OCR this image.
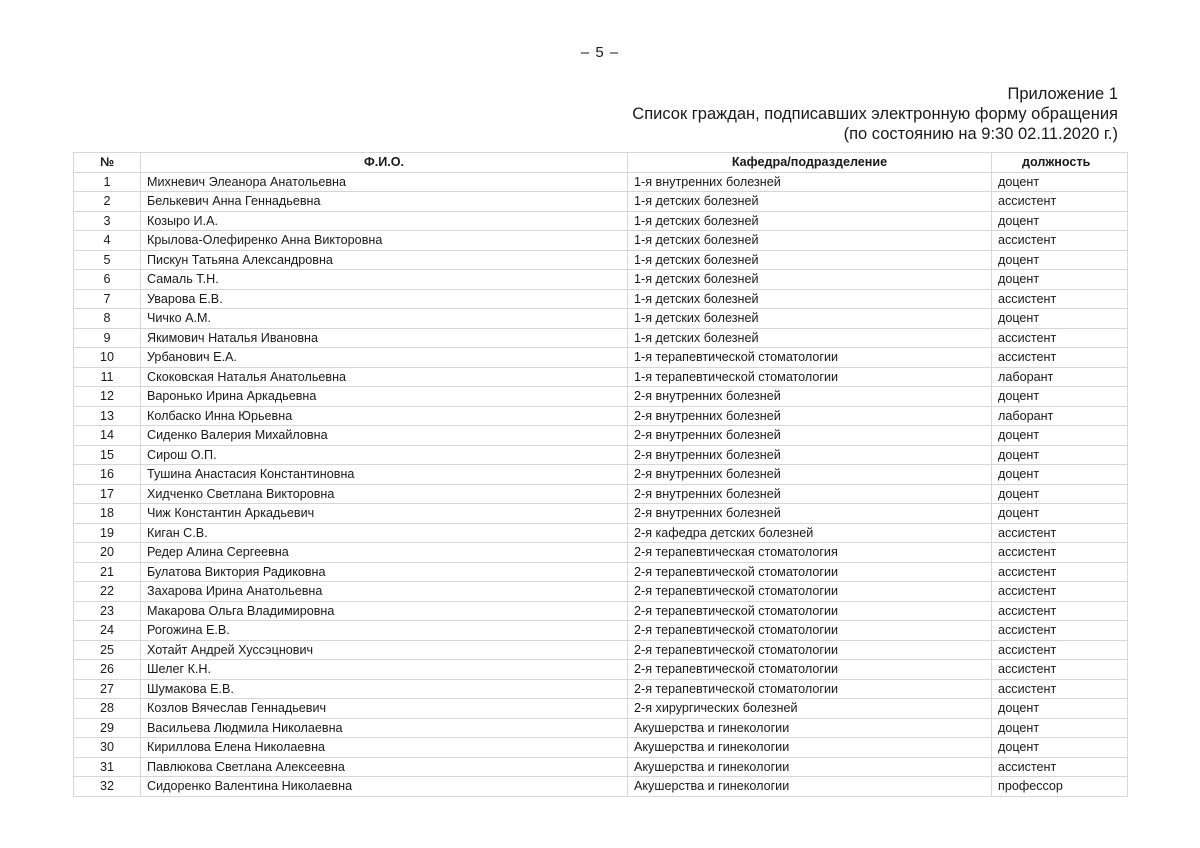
– 5 –
Приложение 1
Список граждан, подписавших электронную форму обращения
(по состоянию на 9:30 02.11.2020 г.)
№	Ф.И.О.	Кафедра/подразделение	должность
1	Михневич Элеанора Анатольевна	1-я внутренних болезней	доцент
2	Белькевич Анна Геннадьевна	1-я детских болезней	ассистент
3	Козыро И.А.	1-я детских болезней	доцент
4	Крылова-Олефиренко Анна Викторовна	1-я детских болезней	ассистент
5	Пискун Татьяна Александровна	1-я детских болезней	доцент
6	Самаль Т.Н.	1-я детских болезней	доцент
7	Уварова Е.В.	1-я детских болезней	ассистент
8	Чичко А.М.	1-я детских болезней	доцент
9	Якимович Наталья Ивановна	1-я детских болезней	ассистент
10	Урбанович Е.А.	1-я терапевтической стоматологии	ассистент
11	Скоковская Наталья Анатольевна	1-я терапевтической стоматологии	лаборант
12	Варонько Ирина Аркадьевна	2-я внутренних болезней	доцент
13	Колбаско Инна Юрьевна	2-я внутренних болезней	лаборант
14	Сиденко Валерия Михайловна	2-я внутренних болезней	доцент
15	Сирош О.П.	2-я внутренних болезней	доцент
16	Тушина Анастасия Константиновна	2-я внутренних болезней	доцент
17	Хидченко Светлана Викторовна	2-я внутренних болезней	доцент
18	Чиж Константин Аркадьевич	2-я внутренних болезней	доцент
19	Киган С.В.	2-я кафедра детских болезней	ассистент
20	Редер Алина Сергеевна	2-я терапевтическая стоматология	ассистент
21	Булатова Виктория Радиковна	2-я терапевтической стоматологии	ассистент
22	Захарова Ирина Анатольевна	2-я терапевтической стоматологии	ассистент
23	Макарова Ольга Владимировна	2-я терапевтической стоматологии	ассистент
24	Рогожина Е.В.	2-я терапевтической стоматологии	ассистент
25	Хотайт Андрей Хуссэцнович	2-я терапевтической стоматологии	ассистент
26	Шелег К.Н.	2-я терапевтической стоматологии	ассистент
27	Шумакова Е.В.	2-я терапевтической стоматологии	ассистент
28	Козлов Вячеслав Геннадьевич	2-я хирургических болезней	доцент
29	Васильева Людмила Николаевна	Акушерства и гинекологии	доцент
30	Кириллова Елена Николаевна	Акушерства и гинекологии	доцент
31	Павлюкова Светлана Алексеевна	Акушерства и гинекологии	ассистент
32	Сидоренко Валентина Николаевна	Акушерства и гинекологии	профессор
